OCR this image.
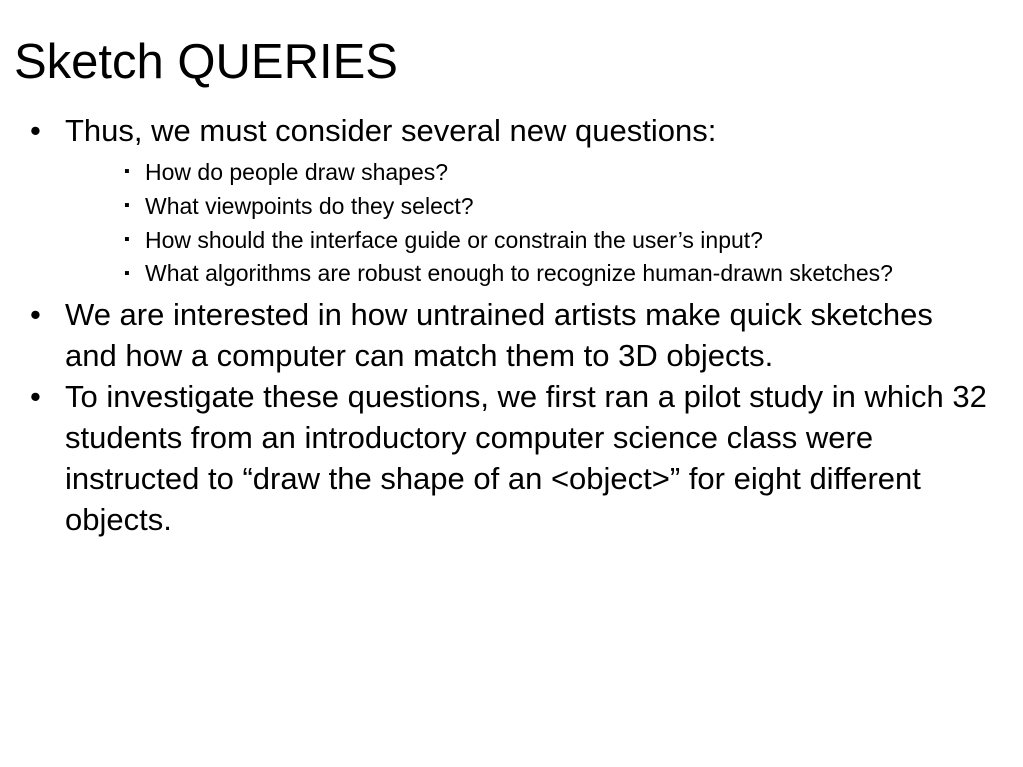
Sketch QUERIES

• Thus, we must consider several new questions:

▪ How do people draw shapes?

▪ What viewpoints do they select?

▪ How should the interface guide or constrain the user’s input?

▪ What algorithms are robust enough to recognize human-drawn sketches?

• We are interested in how untrained artists make quick sketches and how a computer can match them to 3D objects.

• To investigate these questions, we first ran a pilot study in which 32 students from an introductory computer science class were instructed to “draw the shape of an <object>” for eight different objects.
